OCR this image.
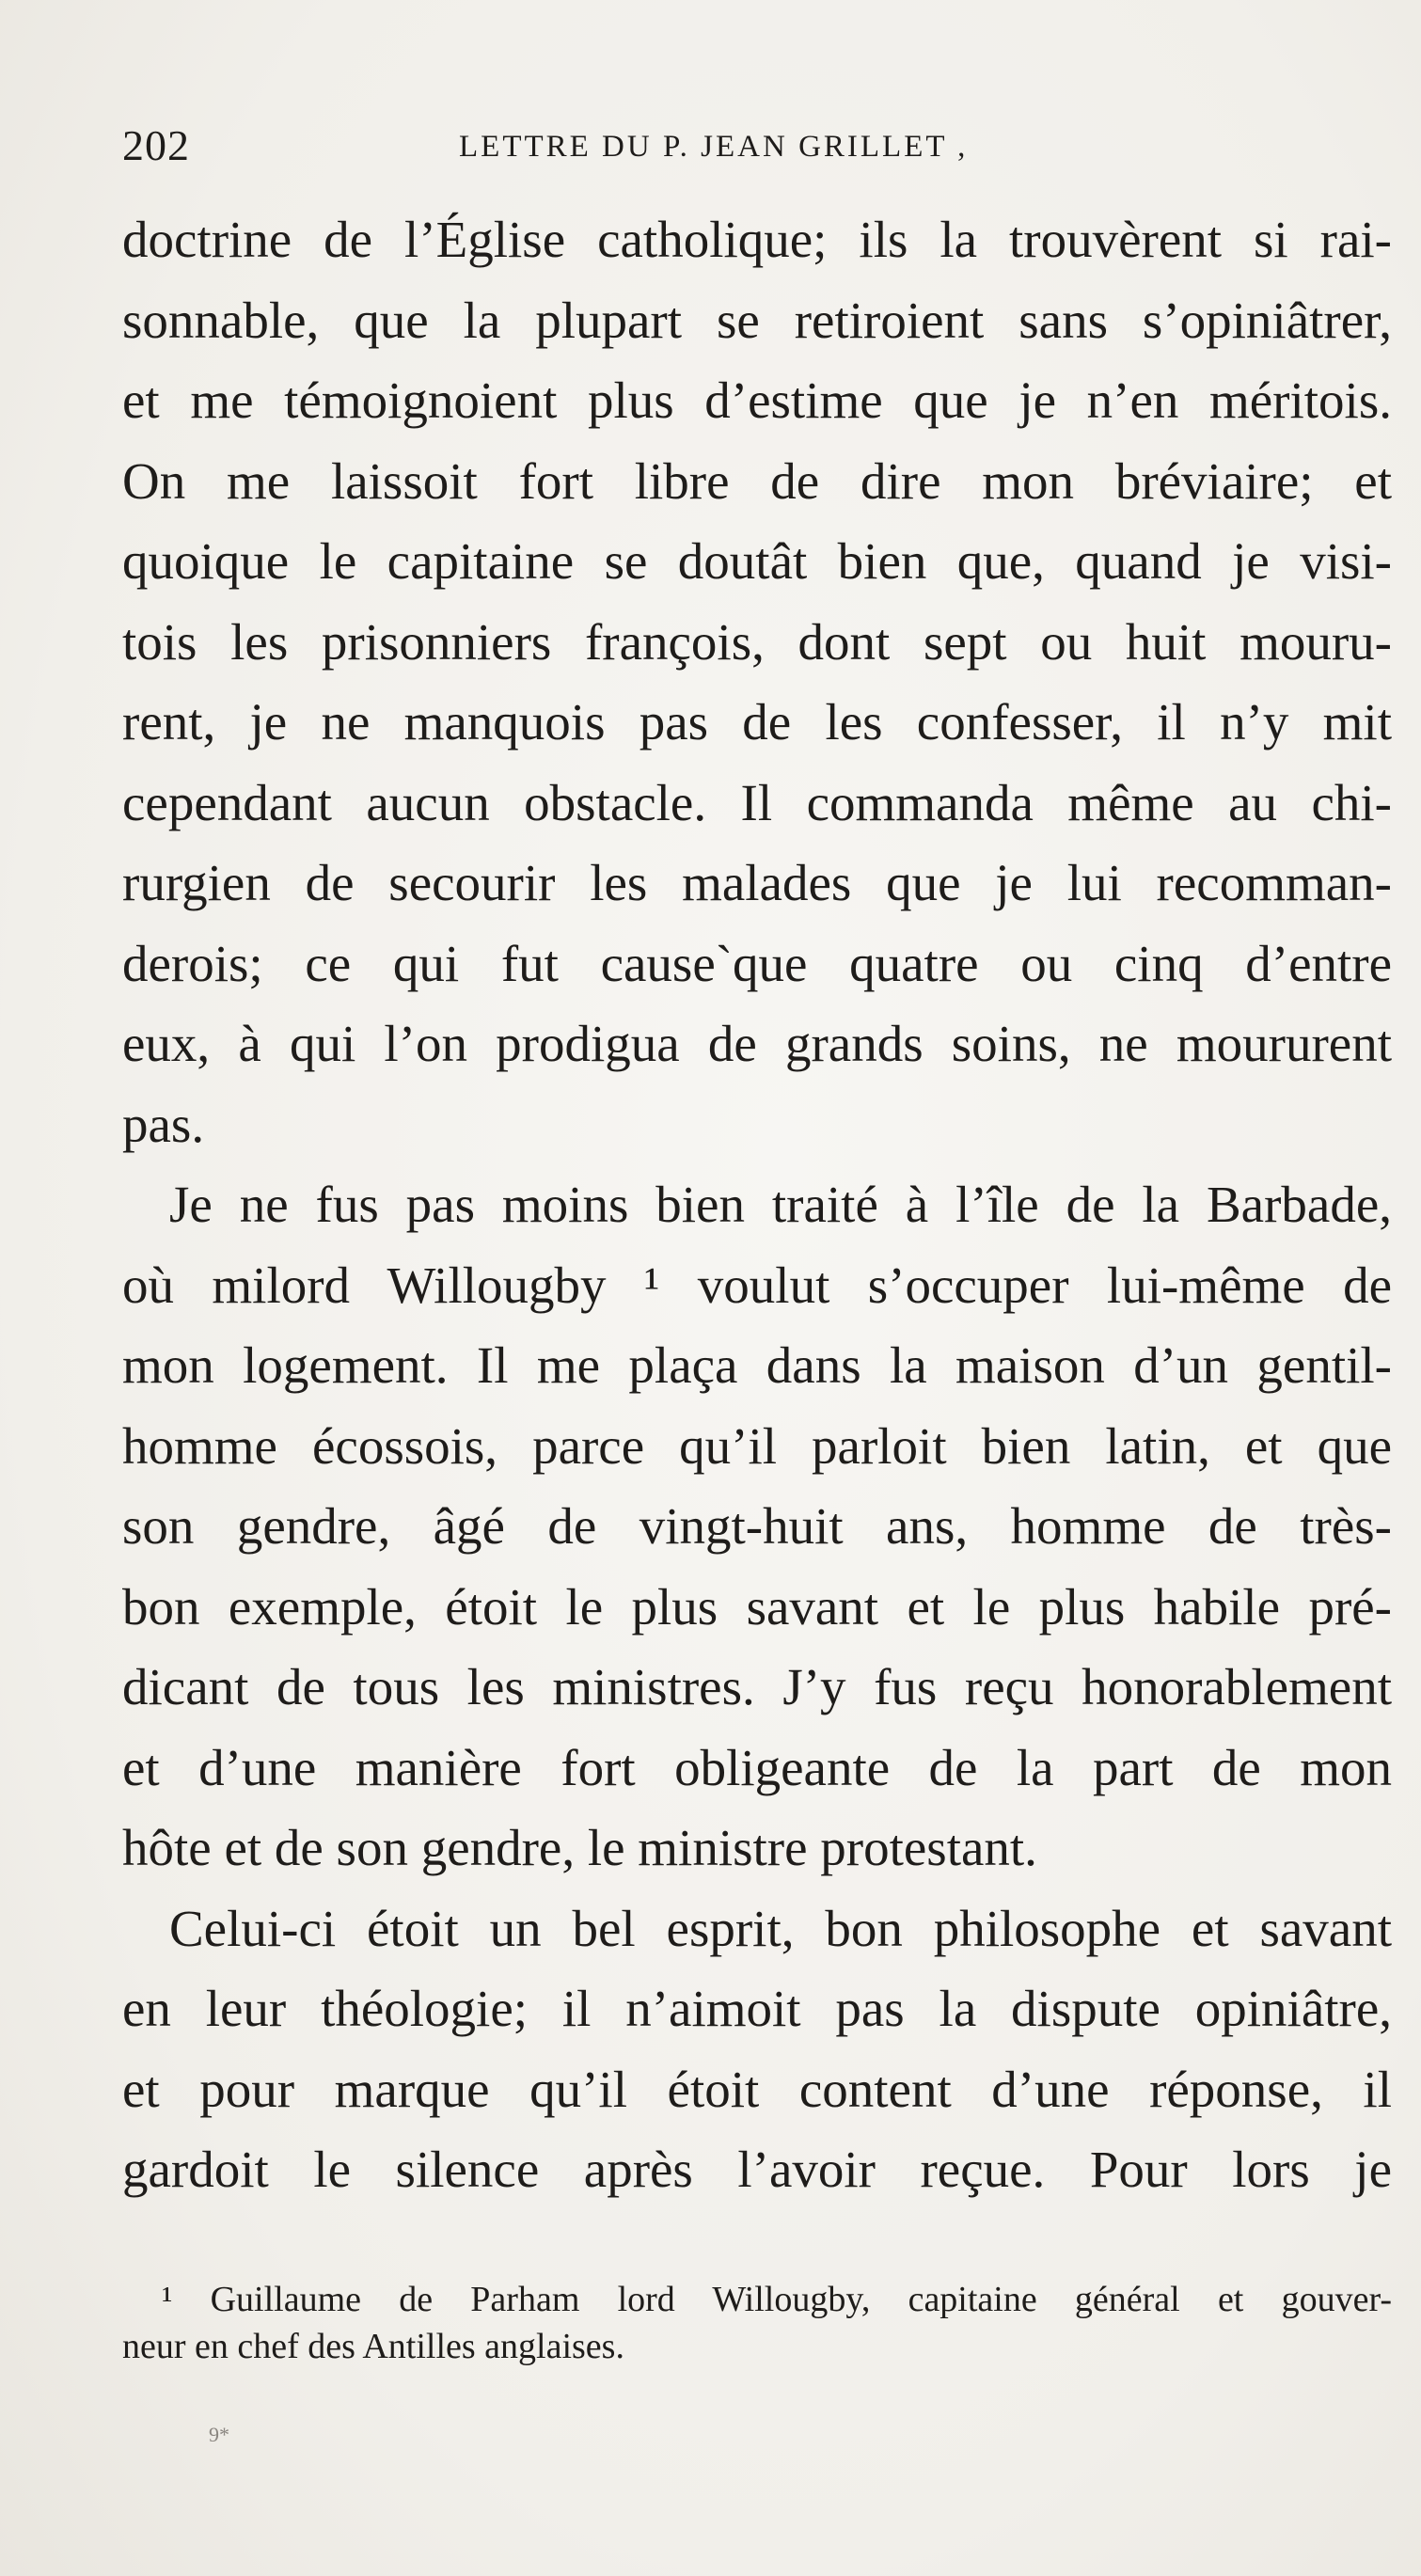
202	LETTRE DU P. JEAN GRILLET ,
doctrine de l’Église catholique; ils la trouvèrent si rai-
sonnable, que la plupart se retiroient sans s’opiniâtrer,
et me témoignoient plus d’estime que je n’en méritois.
On me laissoit fort libre de dire mon bréviaire; et
quoique le capitaine se doutât bien que, quand je visi-
tois les prisonniers françois, dont sept ou huit mouru-
rent, je ne manquois pas de les confesser, il n’y mit
cependant aucun obstacle. Il commanda même au chi-
rurgien de secourir les malades que je lui recomman-
derois; ce qui fut cause`que quatre ou cinq d’entre
eux, à qui l’on prodigua de grands soins, ne moururent
pas.
Je ne fus pas moins bien traité à l’île de la Barbade,
où milord Willougby ¹ voulut s’occuper lui-même de
mon logement. Il me plaça dans la maison d’un gentil-
homme écossois, parce qu’il parloit bien latin, et que
son gendre, âgé de vingt-huit ans, homme de très-
bon exemple, étoit le plus savant et le plus habile pré-
dicant de tous les ministres. J’y fus reçu honorablement
et d’une manière fort obligeante de la part de mon
hôte et de son gendre, le ministre protestant.
Celui-ci étoit un bel esprit, bon philosophe et savant
en leur théologie; il n’aimoit pas la dispute opiniâtre,
et pour marque qu’il étoit content d’une réponse, il
gardoit le silence après l’avoir reçue. Pour lors je
¹ Guillaume de Parham lord Willougby, capitaine général et gouver-
neur en chef des Antilles anglaises.
9*
